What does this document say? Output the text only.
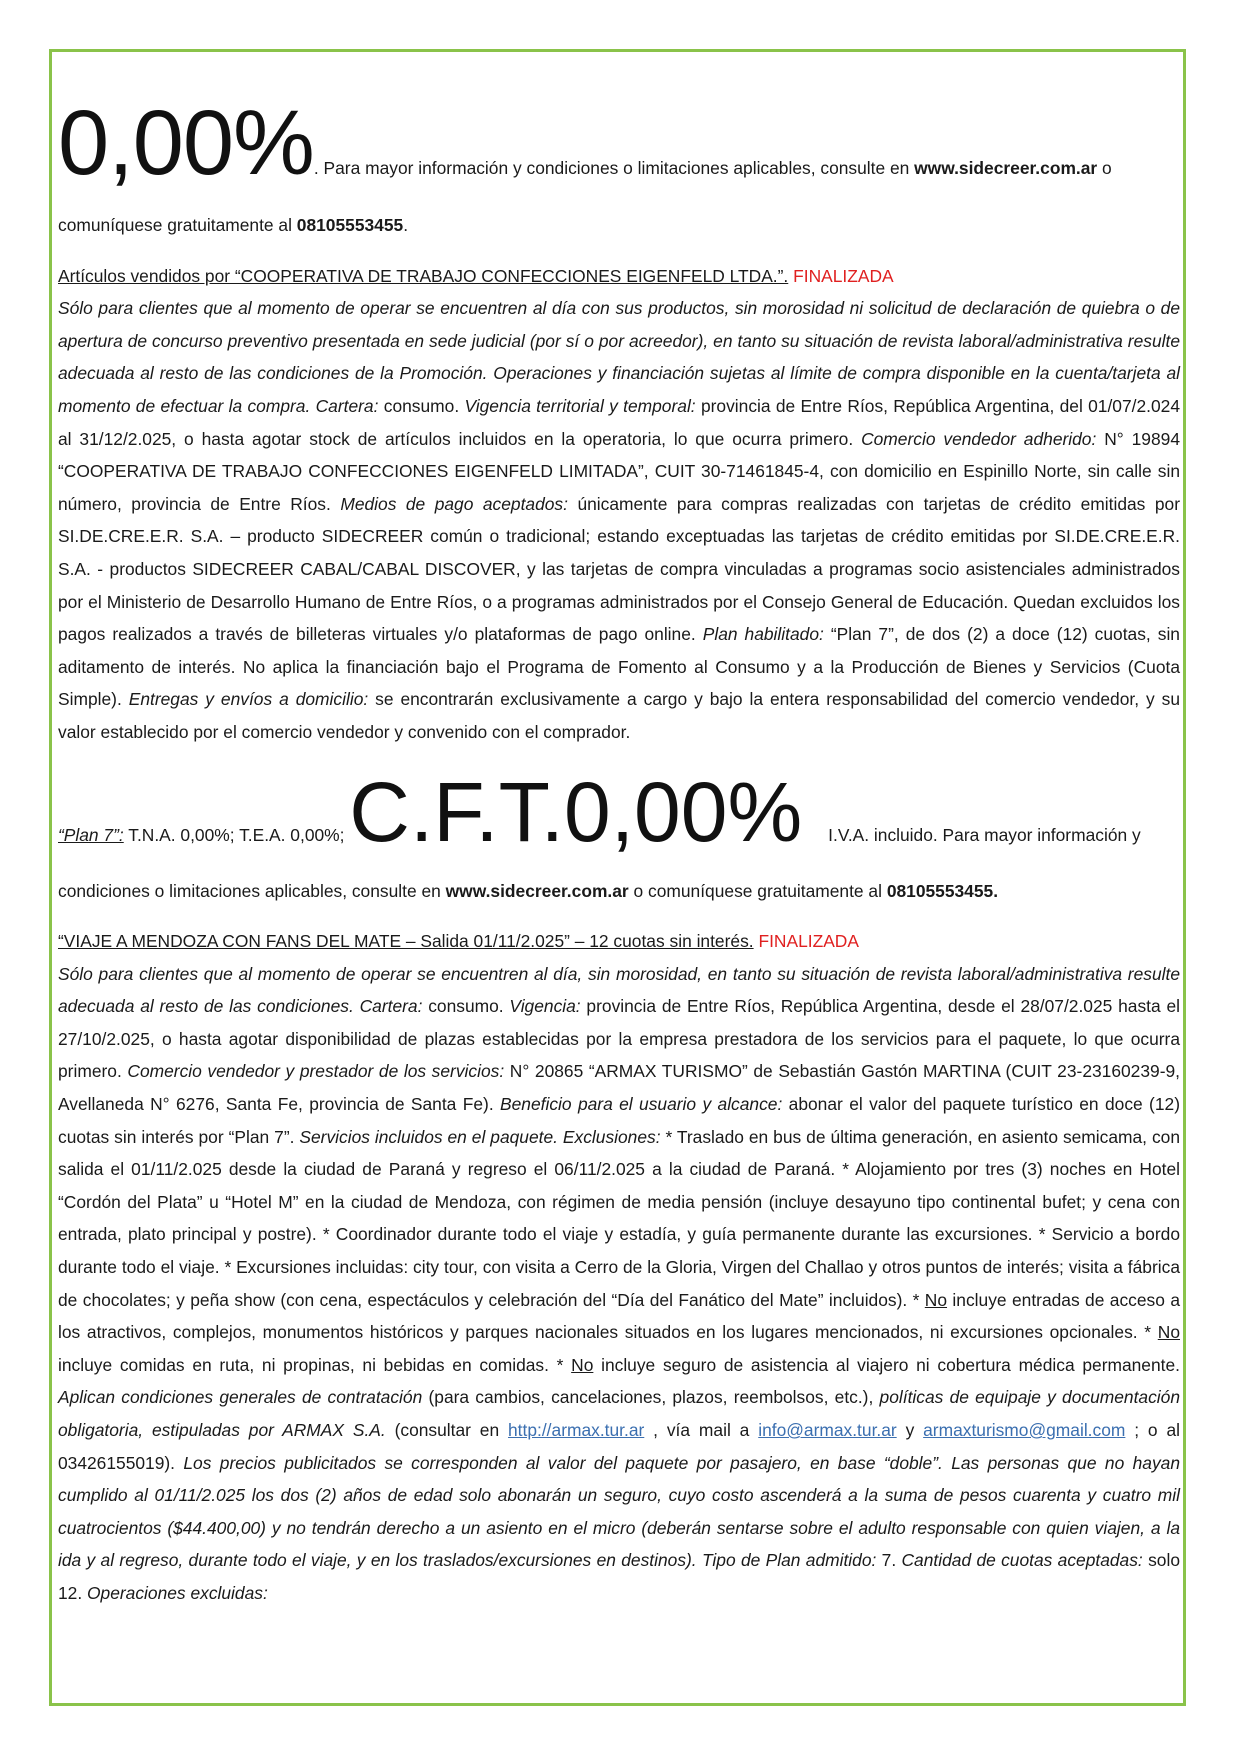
0,00%. Para mayor información y condiciones o limitaciones aplicables, consulte en www.sidecreer.com.ar o

comuníquese gratuitamente al 08105553455.

Artículos vendidos por “COOPERATIVA DE TRABAJO CONFECCIONES EIGENFELD LTDA.”. FINALIZADA

Sólo para clientes que al momento de operar se encuentren al día con sus productos, sin morosidad ni solicitud de declaración de quiebra o de apertura de concurso preventivo presentada en sede judicial (por sí o por acreedor), en tanto su situación de revista laboral/administrativa resulte adecuada al resto de las condiciones de la Promoción. Operaciones y financiación sujetas al límite de compra disponible en la cuenta/tarjeta al momento de efectuar la compra. Cartera: consumo. Vigencia territorial y temporal: provincia de Entre Ríos, República Argentina, del 01/07/2.024 al 31/12/2.025, o hasta agotar stock de artículos incluidos en la operatoria, lo que ocurra primero. Comercio vendedor adherido: N° 19894 “COOPERATIVA DE TRABAJO CONFECCIONES EIGENFELD LIMITADA”, CUIT 30-71461845-4, con domicilio en Espinillo Norte, sin calle sin número, provincia de Entre Ríos. Medios de pago aceptados: únicamente para compras realizadas con tarjetas de crédito emitidas por SI.DE.CRE.E.R. S.A. – producto SIDECREER común o tradicional; estando exceptuadas las tarjetas de crédito emitidas por SI.DE.CRE.E.R. S.A. - productos SIDECREER CABAL/CABAL DISCOVER, y las tarjetas de compra vinculadas a programas socio asistenciales administrados por el Ministerio de Desarrollo Humano de Entre Ríos, o a programas administrados por el Consejo General de Educación. Quedan excluidos los pagos realizados a través de billeteras virtuales y/o plataformas de pago online. Plan habilitado: “Plan 7”, de dos (2) a doce (12) cuotas, sin aditamento de interés. No aplica la financiación bajo el Programa de Fomento al Consumo y a la Producción de Bienes y Servicios (Cuota Simple). Entregas y envíos a domicilio: se encontrarán exclusivamente a cargo y bajo la entera responsabilidad del comercio vendedor, y su valor establecido por el comercio vendedor y convenido con el comprador.

“Plan 7”: T.N.A. 0,00%; T.E.A. 0,00%; C.F.T.0,00% I.V.A. incluido. Para mayor información y

condiciones o limitaciones aplicables, consulte en www.sidecreer.com.ar o comuníquese gratuitamente al 08105553455.

“VIAJE A MENDOZA CON FANS DEL MATE – Salida 01/11/2.025” – 12 cuotas sin interés. FINALIZADA

Sólo para clientes que al momento de operar se encuentren al día, sin morosidad, en tanto su situación de revista laboral/administrativa resulte adecuada al resto de las condiciones. Cartera: consumo. Vigencia: provincia de Entre Ríos, República Argentina, desde el 28/07/2.025 hasta el 27/10/2.025, o hasta agotar disponibilidad de plazas establecidas por la empresa prestadora de los servicios para el paquete, lo que ocurra primero. Comercio vendedor y prestador de los servicios: N° 20865 “ARMAX TURISMO” de Sebastián Gastón MARTINA (CUIT 23-23160239-9, Avellaneda N° 6276, Santa Fe, provincia de Santa Fe). Beneficio para el usuario y alcance: abonar el valor del paquete turístico en doce (12) cuotas sin interés por “Plan 7”. Servicios incluidos en el paquete. Exclusiones: * Traslado en bus de última generación, en asiento semicama, con salida el 01/11/2.025 desde la ciudad de Paraná y regreso el 06/11/2.025 a la ciudad de Paraná. * Alojamiento por tres (3) noches en Hotel “Cordón del Plata” u “Hotel M” en la ciudad de Mendoza, con régimen de media pensión (incluye desayuno tipo continental bufet; y cena con entrada, plato principal y postre). * Coordinador durante todo el viaje y estadía, y guía permanente durante las excursiones. * Servicio a bordo durante todo el viaje. * Excursiones incluidas: city tour, con visita a Cerro de la Gloria, Virgen del Challao y otros puntos de interés; visita a fábrica de chocolates; y peña show (con cena, espectáculos y celebración del “Día del Fanático del Mate” incluidos). * No incluye entradas de acceso a los atractivos, complejos, monumentos históricos y parques nacionales situados en los lugares mencionados, ni excursiones opcionales. * No incluye comidas en ruta, ni propinas, ni bebidas en comidas. * No incluye seguro de asistencia al viajero ni cobertura médica permanente. Aplican condiciones generales de contratación (para cambios, cancelaciones, plazos, reembolsos, etc.), políticas de equipaje y documentación obligatoria, estipuladas por ARMAX S.A. (consultar en http://armax.tur.ar , vía mail a info@armax.tur.ar y armaxturismo@gmail.com ; o al 03426155019). Los precios publicitados se corresponden al valor del paquete por pasajero, en base “doble”. Las personas que no hayan cumplido al 01/11/2.025 los dos (2) años de edad solo abonarán un seguro, cuyo costo ascenderá a la suma de pesos cuarenta y cuatro mil cuatrocientos ($44.400,00) y no tendrán derecho a un asiento en el micro (deberán sentarse sobre el adulto responsable con quien viajen, a la ida y al regreso, durante todo el viaje, y en los traslados/excursiones en destinos). Tipo de Plan admitido: 7. Cantidad de cuotas aceptadas: solo 12. Operaciones excluidas:
